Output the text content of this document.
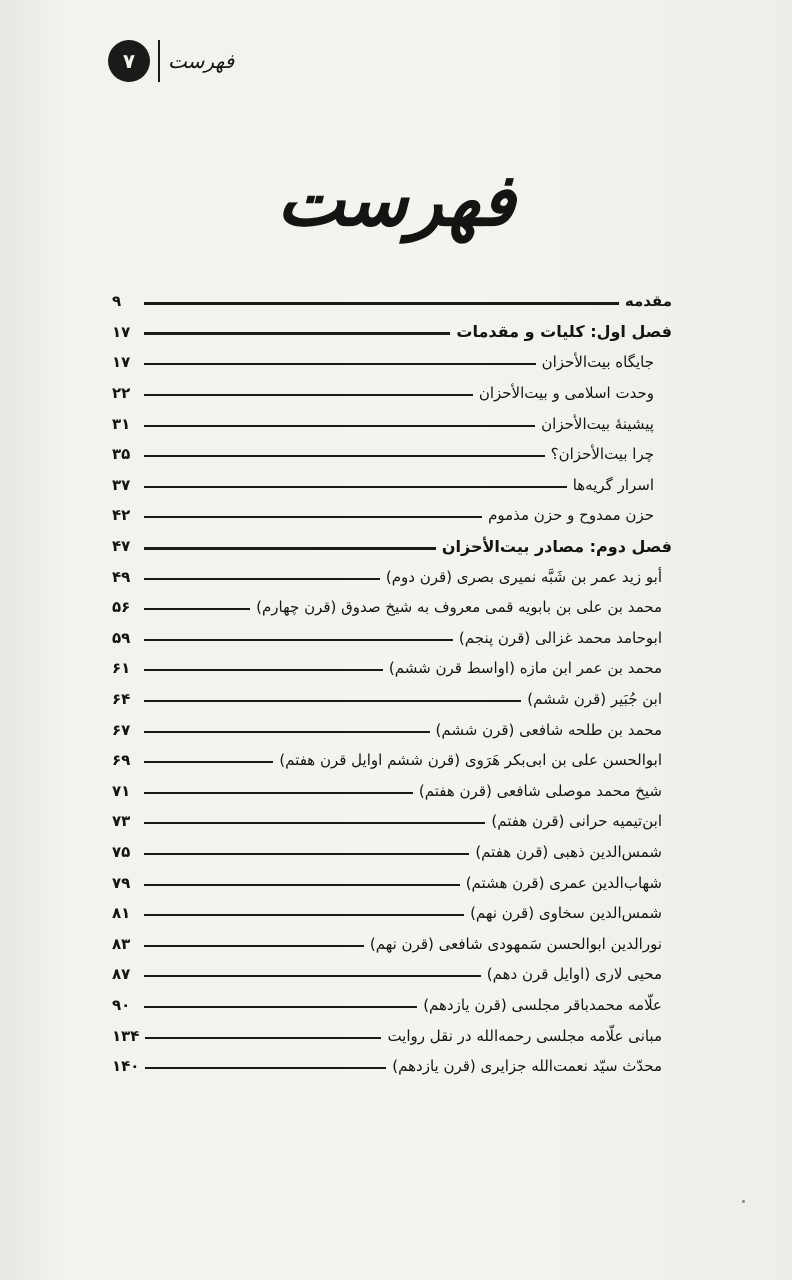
۷	فهرست
فهرست
مقدمه
۹
فصل اول: کلیات و مقدمات
۱۷
جایگاه بیت‌الأحزان
۱۷
وحدت اسلامی و بیت‌الأحزان
۲۲
پیشینهٔ بیت‌الأحزان
۳۱
چرا بیت‌الأحزان؟
۳۵
اسرار گریه‌ها
۳۷
حزن ممدوح و حزن مذموم
۴۲
فصل دوم: مصادر بیت‌الأحزان
۴۷
أبو زید عمر بن شَبَّه نمیری بصری (قرن دوم)
۴۹
محمد بن علی بن بابویه قمی معروف به شیخ صدوق (قرن چهارم)
۵۶
ابوحامد محمد غزالی (قرن پنجم)
۵۹
محمد بن عمر ابن مازه (اواسط قرن ششم)
۶۱
ابن جُبَیر (قرن ششم)
۶۴
محمد بن طلحه شافعی (قرن ششم)
۶۷
ابوالحسن علی بن ابی‌بکر هَرَوی (قرن ششم اوایل قرن هفتم)
۶۹
شیخ محمد موصلی شافعی (قرن هفتم)
۷۱
ابن‌تیمیه حرانی (قرن هفتم)
۷۳
شمس‌الدین ذهبی (قرن هفتم)
۷۵
شهاب‌الدین عمری (قرن هشتم)
۷۹
شمس‌الدین سخاوی (قرن نهم)
۸۱
نورالدین ابوالحسن سَمهودی شافعی (قرن نهم)
۸۳
محیی لاری (اوایل قرن دهم)
۸۷
علّامه محمدباقر مجلسی (قرن یازدهم)
۹۰
مبانی علّامه مجلسی رحمه‌الله در نقل روایت
۱۳۴
محدّث سیّد نعمت‌الله جزایری (قرن یازدهم)
۱۴۰
